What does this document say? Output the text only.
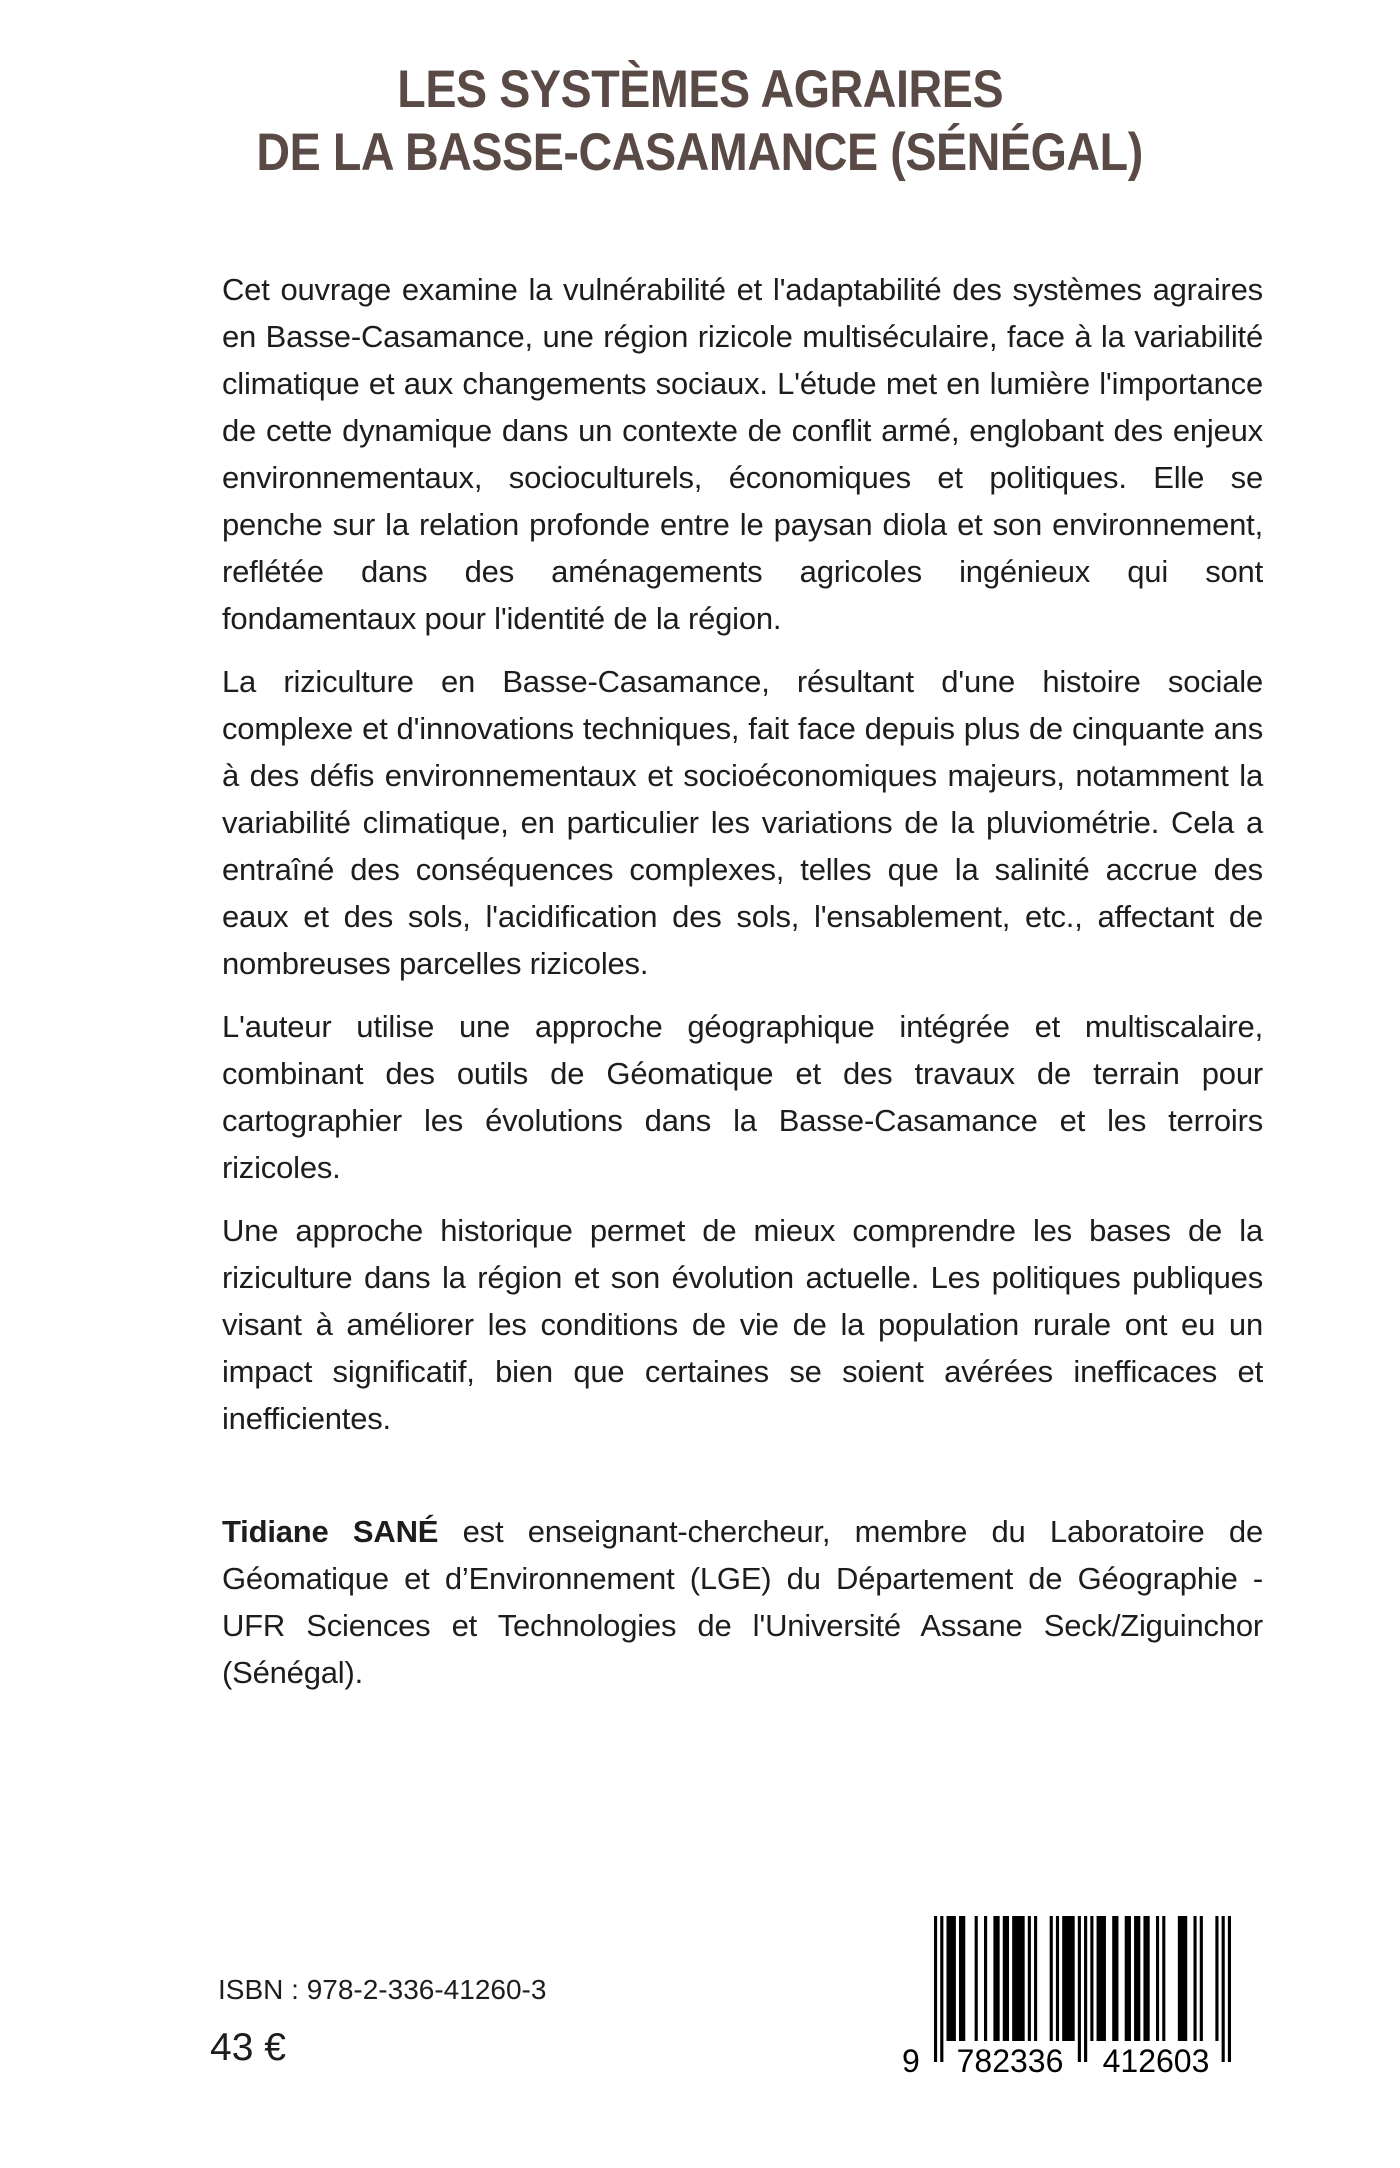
LES SYSTÈMES AGRAIRES
DE LA BASSE-CASAMANCE (SÉNÉGAL)

Cet ouvrage examine la vulnérabilité et l'adaptabilité des systèmes agraires en Basse-Casamance, une région rizicole multiséculaire, face à la variabilité climatique et aux changements sociaux. L'étude met en lumière l'importance de cette dynamique dans un contexte de conflit armé, englobant des enjeux environnementaux, socioculturels, économiques et politiques. Elle se penche sur la relation profonde entre le paysan diola et son environnement, reflétée dans des aménagements agricoles ingénieux qui sont fondamentaux pour l'identité de la région.

La riziculture en Basse-Casamance, résultant d'une histoire sociale complexe et d'innovations techniques, fait face depuis plus de cinquante ans à des défis environnementaux et socioéconomiques majeurs, notamment la variabilité climatique, en particulier les variations de la pluviométrie. Cela a entraîné des conséquences complexes, telles que la salinité accrue des eaux et des sols, l'acidification des sols, l'ensablement, etc., affectant de nombreuses parcelles rizicoles.

L'auteur utilise une approche géographique intégrée et multiscalaire, combinant des outils de Géomatique et des travaux de terrain pour cartographier les évolutions dans la Basse-Casamance et les terroirs rizicoles.

Une approche historique permet de mieux comprendre les bases de la riziculture dans la région et son évolution actuelle. Les politiques publiques visant à améliorer les conditions de vie de la population rurale ont eu un impact significatif, bien que certaines se soient avérées inefficaces et inefficientes.

Tidiane SANÉ est enseignant-chercheur, membre du Laboratoire de Géomatique et d’Environnement (LGE) du Département de Géographie - UFR Sciences et Technologies de l'Université Assane Seck/Ziguinchor (Sénégal).

ISBN : 978-2-336-41260-3
43 €	9	782336	412603
